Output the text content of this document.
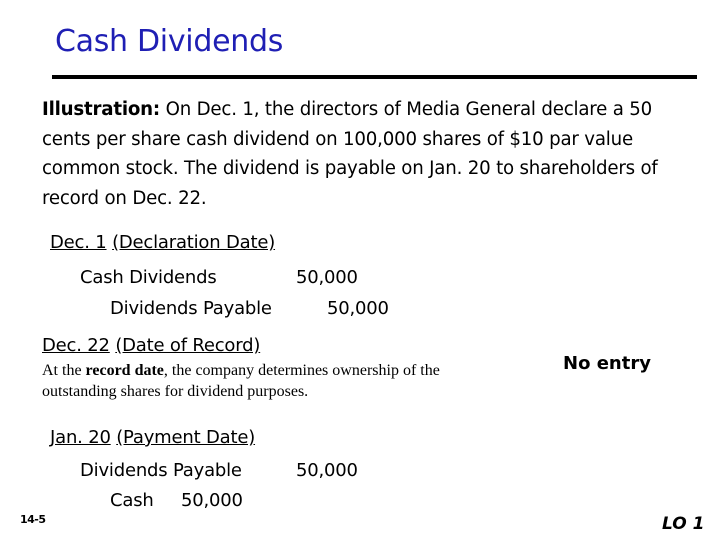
Cash Dividends
Illustration: On Dec. 1, the directors of Media General declare a 50 cents per share cash dividend on 100,000 shares of $10 par value common stock. The dividend is payable on Jan. 20 to shareholders of record on Dec. 22.
Dec. 1 (Declaration Date)
Cash Dividends	50,000
Dividends Payable	50,000
Dec. 22 (Date of Record)
At the record date, the company determines ownership of the outstanding shares for dividend purposes.
No entry
Jan. 20 (Payment Date)
Dividends Payable	50,000
Cash 50,000
14-5	LO 1
